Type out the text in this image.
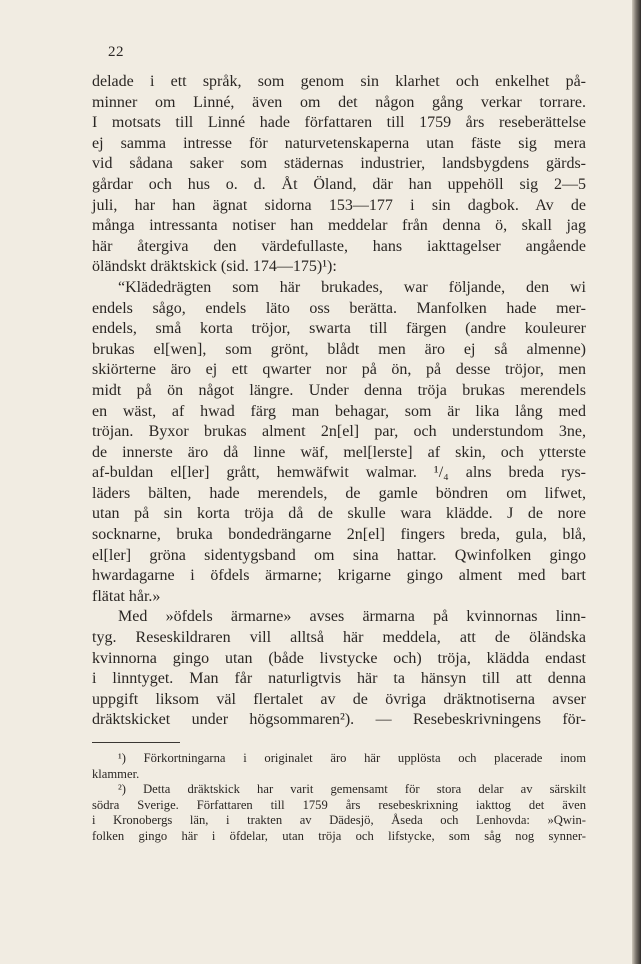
22
delade i ett språk, som genom sin klarhet och enkelhet på-
minner om Linné, även om det någon gång verkar torrare.
I motsats till Linné hade författaren till 1759 års reseberättelse
ej samma intresse för naturvetenskaperna utan fäste sig mera
vid sådana saker som städernas industrier, landsbygdens gärds-
gårdar och hus o. d. Åt Öland, där han uppehöll sig 2—5
juli, har han ägnat sidorna 153—177 i sin dagbok. Av de
många intressanta notiser han meddelar från denna ö, skall jag
här återgiva den värdefullaste, hans iakttagelser angående
öländskt dräktskick (sid. 174—175)¹):
“Klädedrägten som här brukades, war följande, den wi
endels sågo, endels läto oss berätta. Manfolken hade mer-
endels, små korta tröjor, swarta till färgen (andre kouleurer
brukas el[wen], som grönt, blådt men äro ej så almenne)
skiörterne äro ej ett qwarter nor på ön, på desse tröjor, men
midt på ön något längre. Under denna tröja brukas merendels
en wäst, af hwad färg man behagar, som är lika lång med
tröjan. Byxor brukas alment 2n[el] par, och understundom 3ne,
de innerste äro då linne wäf, mel[lerste] af skin, och ytterste
af-buldan el[ler] grått, hemwäfwit walmar. ¹/₄ alns breda rys-
läders bälten, hade merendels, de gamle böndren om lifwet,
utan på sin korta tröja då de skulle wara klädde. J de nore
socknarne, bruka bondedrängarne 2n[el] fingers breda, gula, blå,
el[ler] gröna sidentygsband om sina hattar. Qwinfolken gingo
hwardagarne i öfdels ärmarne; krigarne gingo alment med bart
flätat hår.»
Med »öfdels ärmarne» avses ärmarna på kvinnornas linn-
tyg. Reseskildraren vill alltså här meddela, att de öländska
kvinnorna gingo utan (både livstycke och) tröja, klädda endast
i linntyget. Man får naturligtvis här ta hänsyn till att denna
uppgift liksom väl flertalet av de övriga dräktnotiserna avser
dräktskicket under högsommaren²). — Resebeskrivningens för-
¹) Förkortningarna i originalet äro här upplösta och placerade inom
klammer.
²) Detta dräktskick har varit gemensamt för stora delar av särskilt
södra Sverige. Författaren till 1759 års resebeskrixning iakttog det även
i Kronobergs län, i trakten av Dädesjö, Åseda och Lenhovda: »Qwin-
folken gingo här i öfdelar, utan tröja och lifstycke, som såg nog synner-
